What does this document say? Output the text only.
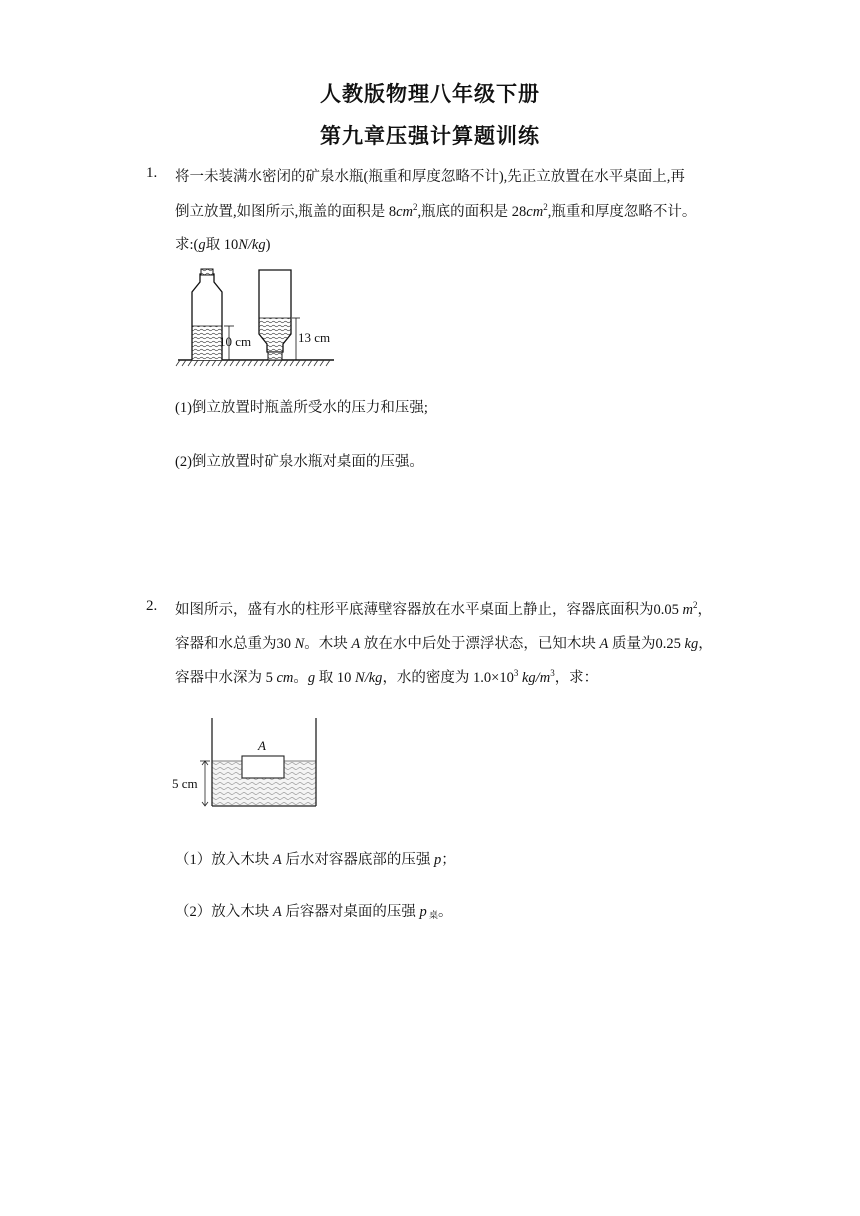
人教版物理八年级下册
第九章压强计算题训练
1. 将一未装满水密闭的矿泉水瓶(瓶重和厚度忽略不计),先正立放置在水平桌面上,再
倒立放置,如图所示,瓶盖的面积是 $8cm^2$,瓶底的面积是 $28cm^2$,瓶重和厚度忽略不计。
求:(g取 10N/kg)
10 cm	13 cm
(1)倒立放置时瓶盖所受水的压力和压强;
(2)倒立放置时矿泉水瓶对桌面的压强。
2. 如图所示，盛有水的柱形平底薄壁容器放在水平桌面上静止，容器底面积为0.05 $m^2$，
容器和水总重为30 N。木块 A 放在水中后处于漂浮状态，已知木块 A 质量为0.25 kg，
容器中水深为 5 cm。g 取 10 N/kg，水的密度为 $1.0\times 10^3$ $kg/m^3$，求：
A
5 cm
（1）放入木块 A 后水对容器底部的压强 p；
（2）放入木块 A 后容器对桌面的压强 p 桌。
